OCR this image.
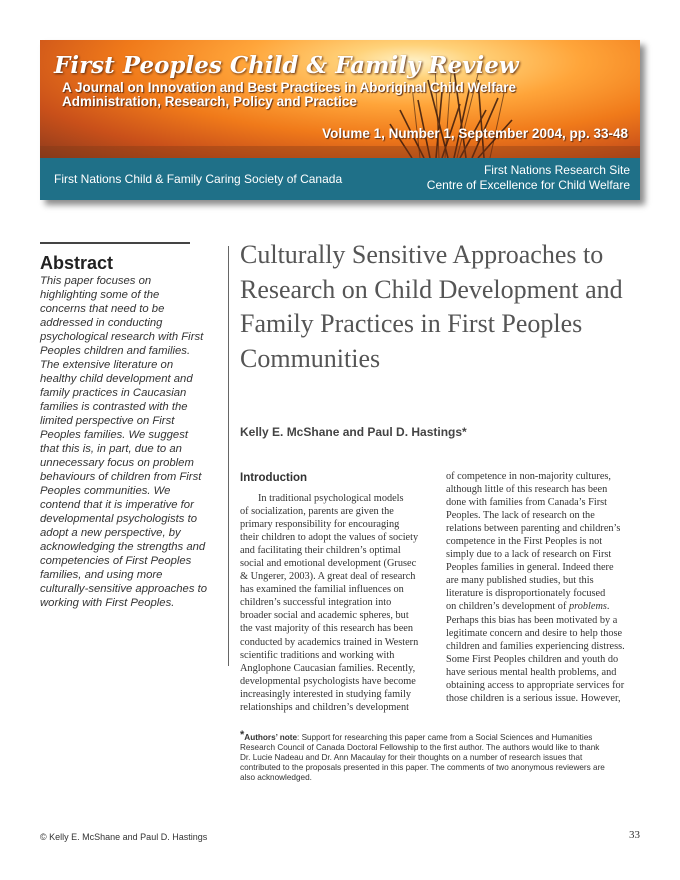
First Peoples Child & Family Review
A Journal on Innovation and Best Practices in Aboriginal Child Welfare
Administration, Research, Policy and Practice
Volume 1, Number 1, September 2004, pp. 33-48
First Nations Child & Family Caring Society of Canada
First Nations Research Site
Centre of Excellence for Child Welfare
Abstract

This paper focuses on highlighting some of the concerns that need to be addressed in conducting psychological research with First Peoples children and families. The extensive literature on healthy child development and family practices in Caucasian families is contrasted with the limited perspective on First Peoples families. We suggest that this is, in part, due to an unnecessary focus on problem behaviours of children from First Peoples communities. We contend that it is imperative for developmental psychologists to adopt a new perspective, by acknowledging the strengths and competencies of First Peoples families, and using more culturally-sensitive approaches to working with First Peoples.

Culturally Sensitive Approaches to Research on Child Development and Family Practices in First Peoples Communities
Kelly E. McShane and Paul D. Hastings*
Introduction
In traditional psychological models
of socialization, parents are given the
primary responsibility for encouraging
their children to adopt the values of society
and facilitating their children’s optimal
social and emotional development (Grusec
& Ungerer, 2003). A great deal of research
has examined the familial influences on
children’s successful integration into
broader social and academic spheres, but
the vast majority of this research has been
conducted by academics trained in Western
scientific traditions and working with
Anglophone Caucasian families. Recently,
developmental psychologists have become
increasingly interested in studying family
relationships and children’s development
of competence in non-majority cultures,
although little of this research has been
done with families from Canada’s First
Peoples. The lack of research on the
relations between parenting and children’s
competence in the First Peoples is not
simply due to a lack of research on First
Peoples families in general. Indeed there
are many published studies, but this
literature is disproportionately focused
on children’s development of problems.
Perhaps this bias has been motivated by a
legitimate concern and desire to help those
children and families experiencing distress.
Some First Peoples children and youth do
have serious mental health problems, and
obtaining access to appropriate services for
those children is a serious issue. However,
*Authors’ note: Support for researching this paper came from a Social Sciences and Humanities
Research Council of Canada Doctoral Fellowship to the first author. The authors would like to thank
Dr. Lucie Nadeau and Dr. Ann Macaulay for their thoughts on a number of research issues that
contributed to the proposals presented in this paper. The comments of two anonymous reviewers are
also acknowledged.
© Kelly E. McShane and Paul D. Hastings	33
